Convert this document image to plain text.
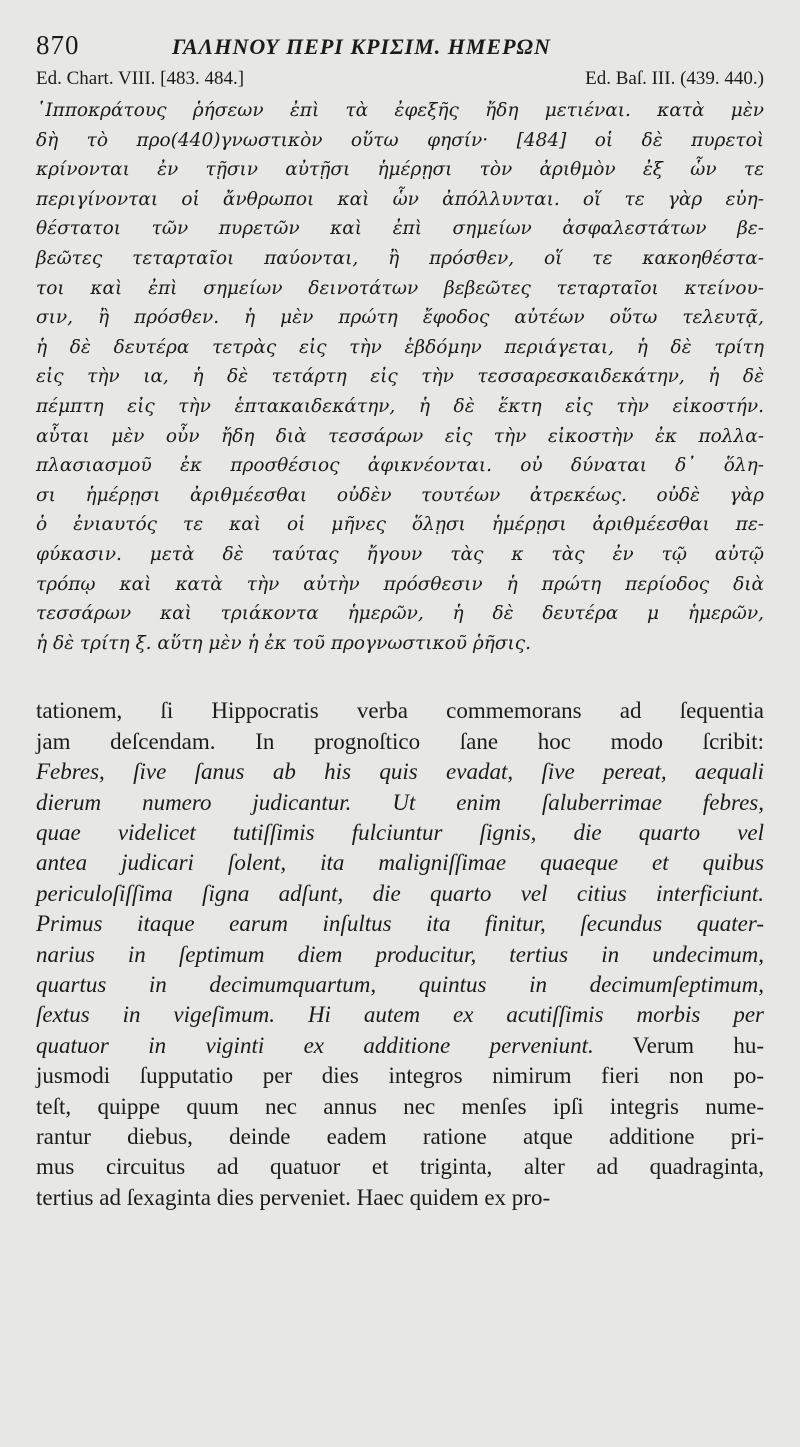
870	ΓΑΛΗΝΟΥ ΠΕΡΙ ΚΡΙΣΙΜ. ΗΜΕΡΩΝ
Ed. Chart. VIII. [483. 484.]	Ed. Baſ. III. (439. 440.)
῾Ιπποκράτους ῥήσεων ἐπὶ τὰ ἐφεξῆς ἤδη μετιέναι. κατὰ μὲν
δὴ τὸ προ(440)γνωστικὸν οὕτω φησίν· [484] οἱ δὲ πυρετοὶ
κρίνονται ἐν τῇσιν αὐτῇσι ἡμέρῃσι τὸν ἀριθμὸν ἐξ ὧν τε
περιγίνονται οἱ ἄνθρωποι καὶ ὧν ἀπόλλυνται. οἵ τε γὰρ εὐη-
θέστατοι τῶν πυρετῶν καὶ ἐπὶ σημείων ἀσφαλεστάτων βε-
βεῶτες τεταρταῖοι παύονται, ἢ πρόσθεν, οἵ τε κακοηθέστα-
τοι καὶ ἐπὶ σημείων δεινοτάτων βεβεῶτες τεταρταῖοι κτείνου-
σιν, ἢ πρόσθεν. ἡ μὲν πρώτη ἔφοδος αὐτέων οὕτω τελευτᾷ,
ἡ δὲ δευτέρα τετρὰς εἰς τὴν ἑβδόμην περιάγεται, ἡ δὲ τρίτη
εἰς τὴν ια, ἡ δὲ τετάρτη εἰς τὴν τεσσαρεσκαιδεκάτην, ἡ δὲ
πέμπτη εἰς τὴν ἑπτακαιδεκάτην, ἡ δὲ ἕκτη εἰς τὴν εἰκοστήν.
αὗται μὲν οὖν ἤδη διὰ τεσσάρων εἰς τὴν εἰκοστὴν ἐκ πολλα-
πλασιασμοῦ ἐκ προσθέσιος ἀφικνέονται. οὐ δύναται δ᾽ ὅλη-
σι ἡμέρῃσι ἀριθμέεσθαι οὐδὲν τουτέων ἀτρεκέως. οὐδὲ γὰρ
ὁ ἐνιαυτός τε καὶ οἱ μῆνες ὅλῃσι ἡμέρῃσι ἀριθμέεσθαι πε-
φύκασιν. μετὰ δὲ ταύτας ἤγουν τὰς κ τὰς ἐν τῷ αὐτῷ
τρόπῳ καὶ κατὰ τὴν αὐτὴν πρόσθεσιν ἡ πρώτη περίοδος διὰ
τεσσάρων καὶ τριάκοντα ἡμερῶν, ἡ δὲ δευτέρα μ ἡμερῶν,
ἡ δὲ τρίτη ξ. αὕτη μὲν ἡ ἐκ τοῦ προγνωστικοῦ ῥῆσις.
tationem, ſi Hippocratis verba commemorans ad ſequentia
jam deſcendam. In prognoſtico ſane hoc modo ſcribit:
Febres, ſive ſanus ab his quis evadat, ſive pereat, aequali
dierum numero judicantur. Ut enim ſaluberrimae febres,
quae videlicet tutiſſimis fulciuntur ſignis, die quarto vel
antea judicari ſolent, ita maligniſſimae quaeque et quibus
periculoſiſſima ſigna adſunt, die quarto vel citius interficiunt.
Primus itaque earum inſultus ita finitur, ſecundus quater-
narius in ſeptimum diem producitur, tertius in undecimum,
quartus in decimumquartum, quintus in decimumſeptimum,
ſextus in vigeſimum. Hi autem ex acutiſſimis morbis per
quatuor in viginti ex additione perveniunt. Verum hu-
jusmodi ſupputatio per dies integros nimirum fieri non po-
teſt, quippe quum nec annus nec menſes ipſi integris nume-
rantur diebus, deinde eadem ratione atque additione pri-
mus circuitus ad quatuor et triginta, alter ad quadraginta,
tertius ad ſexaginta dies perveniet. Haec quidem ex pro-
